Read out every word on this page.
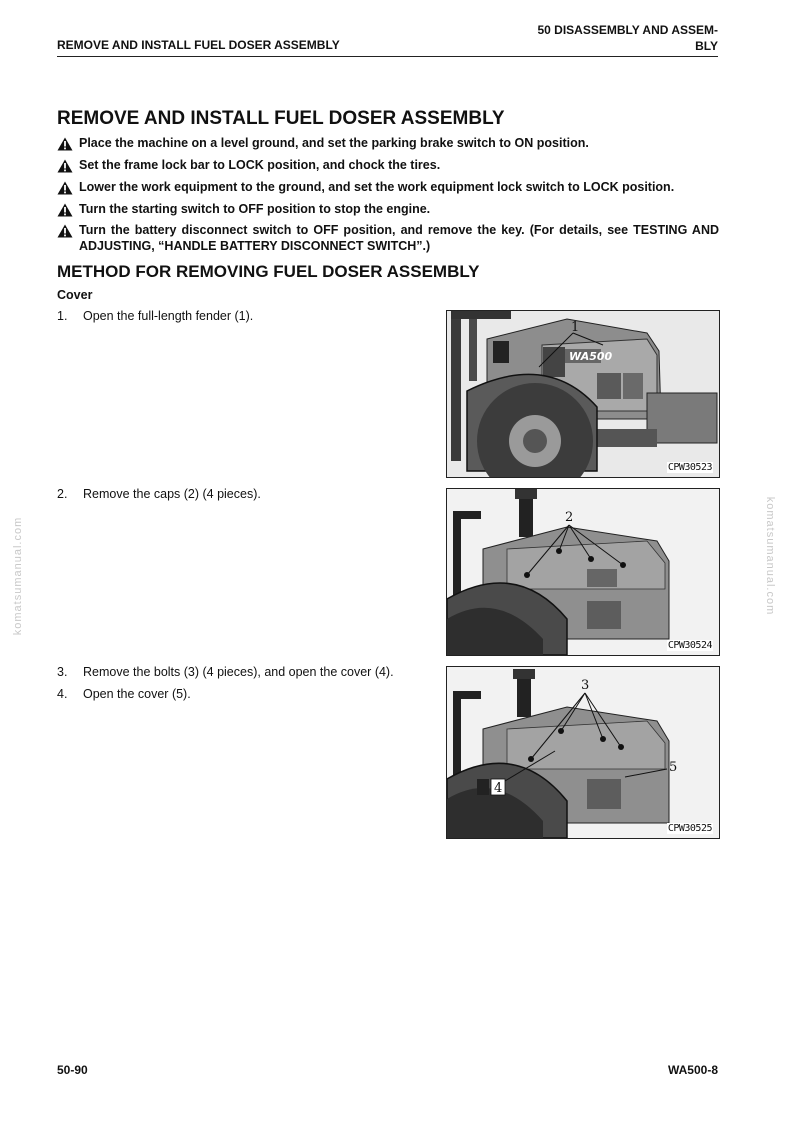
REMOVE AND INSTALL FUEL DOSER ASSEMBLY
50 DISASSEMBLY AND ASSEM-
BLY
REMOVE AND INSTALL FUEL DOSER ASSEMBLY
Place the machine on a level ground, and set the parking brake switch to ON position.
Set the frame lock bar to LOCK position, and chock the tires.
Lower the work equipment to the ground, and set the work equipment lock switch to LOCK position.
Turn the starting switch to OFF position to stop the engine.
Turn the battery disconnect switch to OFF position, and remove the key. (For details, see TESTING AND ADJUSTING, “HANDLE BATTERY DISCONNECT SWITCH”.)
METHOD FOR REMOVING FUEL DOSER ASSEMBLY
Cover
1. Open the full-length fender (1).
2. Remove the caps (2) (4 pieces).
3. Remove the bolts (3) (4 pieces), and open the cover (4).
4. Open the cover (5).
WA500
1
CPW30523
2
CPW30524
3
4
5
CPW30525
komatsumanual.com	komatsumanual.com
50-90	WA500-8
